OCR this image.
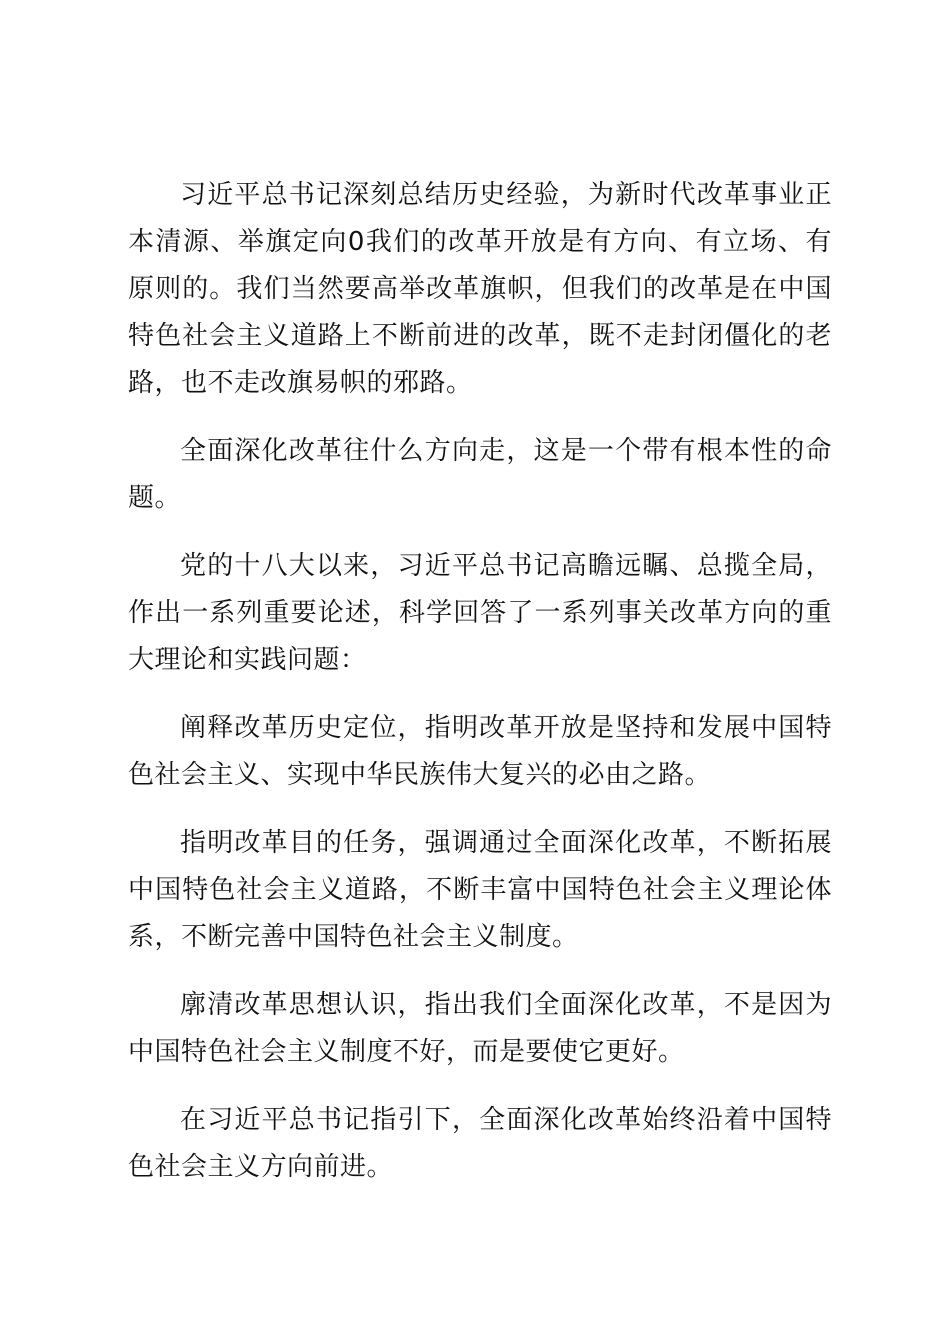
习近平总书记深刻总结历史经验，为新时代改革事业正本清源、举旗定向0我们的改革开放是有方向、有立场、有原则的。我们当然要高举改革旗帜，但我们的改革是在中国特色社会主义道路上不断前进的改革，既不走封闭僵化的老路，也不走改旗易帜的邪路。

全面深化改革往什么方向走，这是一个带有根本性的命题。

党的十八大以来，习近平总书记高瞻远瞩、总揽全局，作出一系列重要论述，科学回答了一系列事关改革方向的重大理论和实践问题：

阐释改革历史定位，指明改革开放是坚持和发展中国特色社会主义、实现中华民族伟大复兴的必由之路。

指明改革目的任务，强调通过全面深化改革，不断拓展中国特色社会主义道路，不断丰富中国特色社会主义理论体系，不断完善中国特色社会主义制度。

廓清改革思想认识，指出我们全面深化改革，不是因为中国特色社会主义制度不好，而是要使它更好。

在习近平总书记指引下，全面深化改革始终沿着中国特色社会主义方向前进。
